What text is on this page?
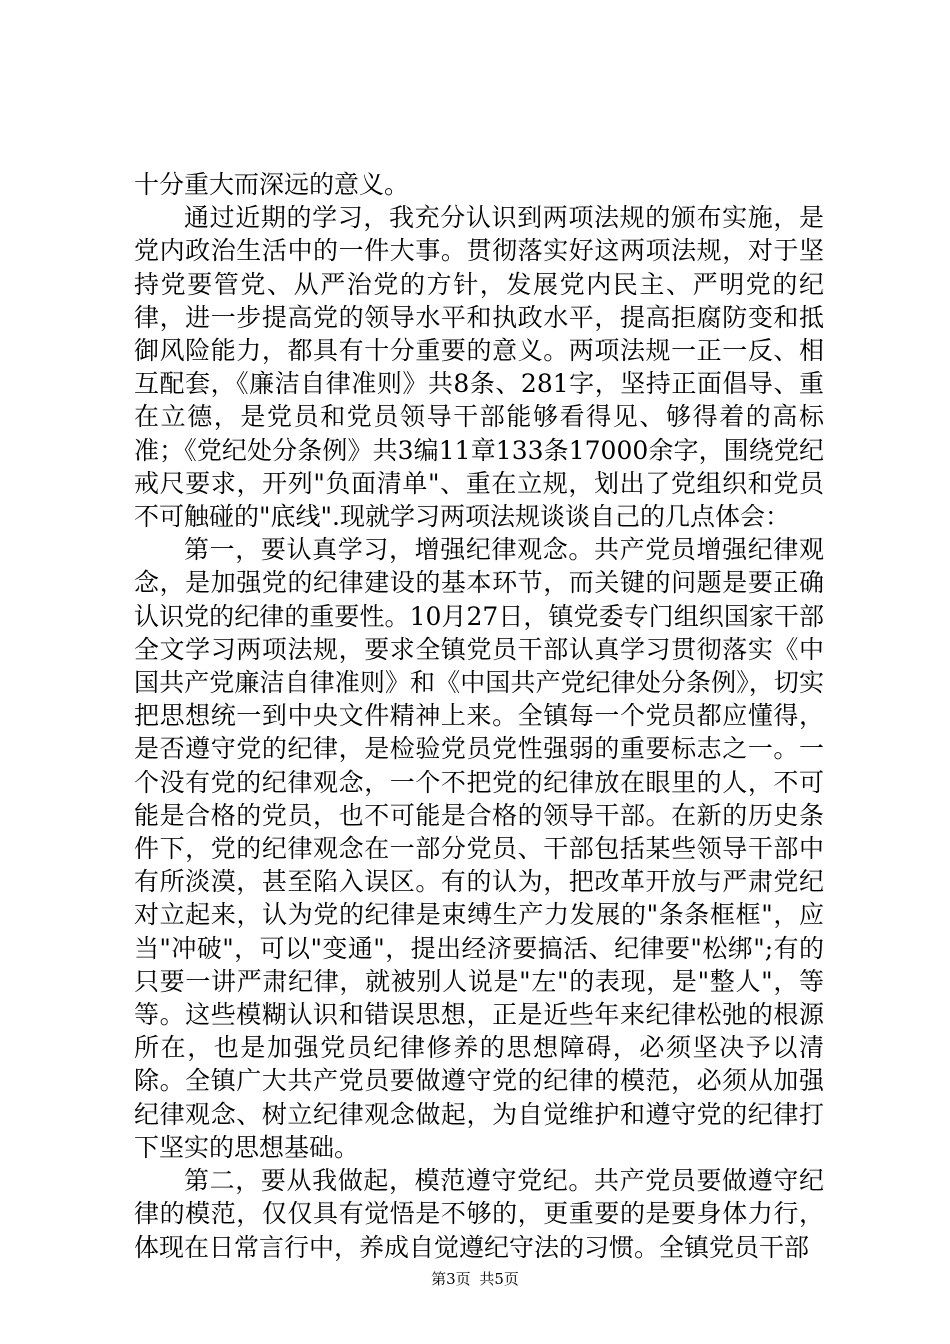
十分重大而深远的意义。

通过近期的学习，我充分认识到两项法规的颁布实施，是党内政治生活中的一件大事。贯彻落实好这两项法规，对于坚持党要管党、从严治党的方针，发展党内民主、严明党的纪律，进一步提高党的领导水平和执政水平，提高拒腐防变和抵御风险能力，都具有十分重要的意义。两项法规一正一反、相互配套，《廉洁自律准则》共8条、281字，坚持正面倡导、重在立德，是党员和党员领导干部能够看得见、够得着的高标准；《党纪处分条例》共3编11章133条17000余字，围绕党纪戒尺要求，开列"负面清单"、重在立规，划出了党组织和党员不可触碰的"底线".现就学习两项法规谈谈自己的几点体会：

第一，要认真学习，增强纪律观念。共产党员增强纪律观念，是加强党的纪律建设的基本环节，而关键的问题是要正确认识党的纪律的重要性。10月27日，镇党委专门组织国家干部全文学习两项法规，要求全镇党员干部认真学习贯彻落实《中国共产党廉洁自律准则》和《中国共产党纪律处分条例》，切实把思想统一到中央文件精神上来。全镇每一个党员都应懂得，是否遵守党的纪律，是检验党员党性强弱的重要标志之一。一个没有党的纪律观念，一个不把党的纪律放在眼里的人，不可能是合格的党员，也不可能是合格的领导干部。在新的历史条件下，党的纪律观念在一部分党员、干部包括某些领导干部中有所淡漠，甚至陷入误区。有的认为，把改革开放与严肃党纪对立起来，认为党的纪律是束缚生产力发展的"条条框框"，应当"冲破"，可以"变通"，提出经济要搞活、纪律要"松绑";有的只要一讲严肃纪律，就被别人说是"左"的表现，是"整人"，等等。这些模糊认识和错误思想，正是近些年来纪律松弛的根源所在，也是加强党员纪律修养的思想障碍，必须坚决予以清除。全镇广大共产党员要做遵守党的纪律的模范，必须从加强纪律观念、树立纪律观念做起，为自觉维护和遵守党的纪律打下坚实的思想基础。

第二，要从我做起，模范遵守党纪。共产党员要做遵守纪律的模范，仅仅具有觉悟是不够的，更重要的是要身体力行，体现在日常言行中，养成自觉遵纪守法的习惯。全镇党员干部

第3页 共5页
